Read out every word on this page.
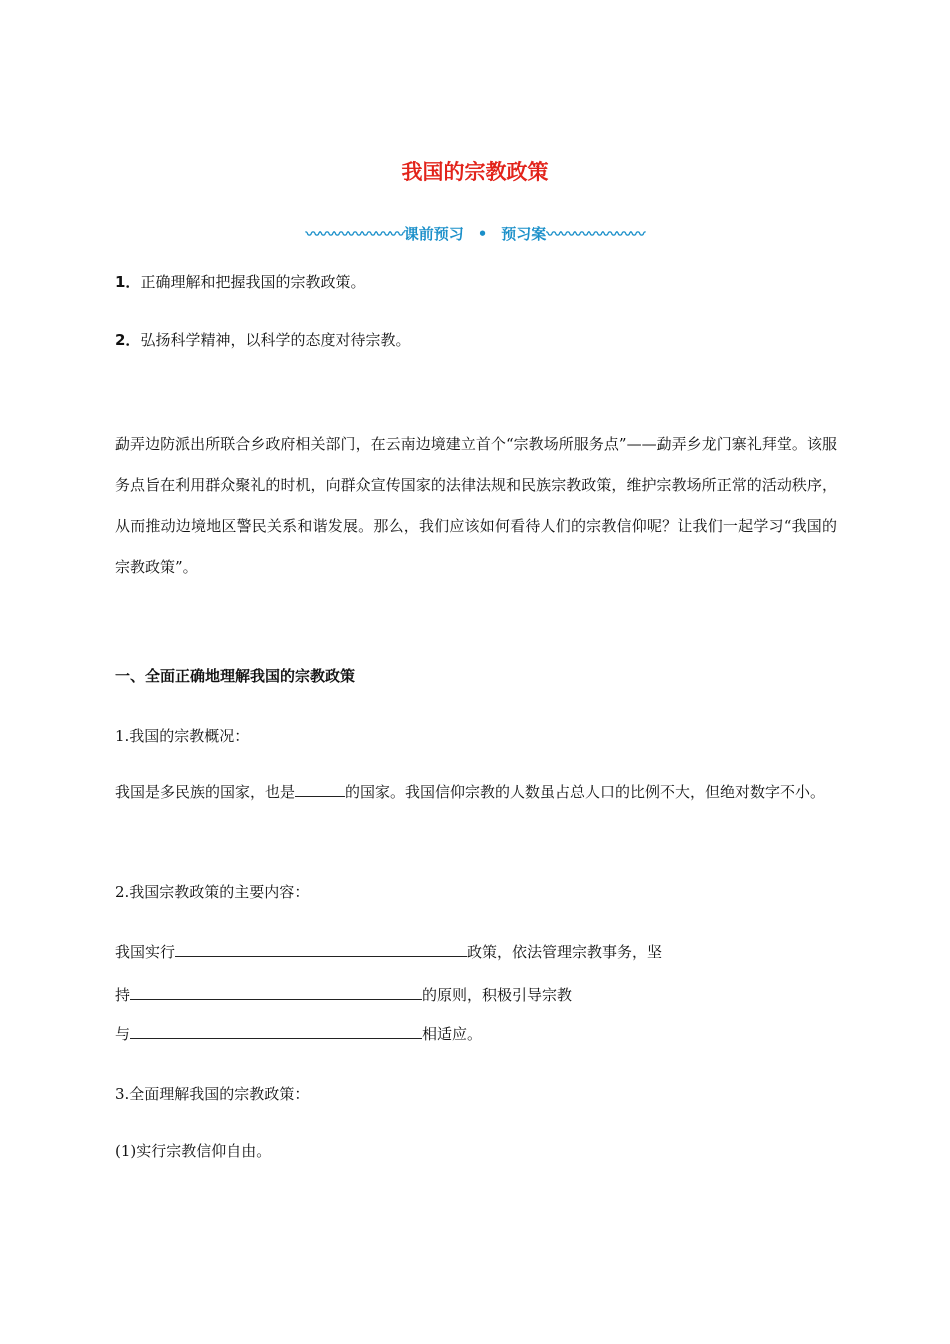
我国的宗教政策
〰〰〰〰〰〰〰课前预习 • 预习案〰〰〰〰〰〰〰
1．正确理解和把握我国的宗教政策。
2．弘扬科学精神，以科学的态度对待宗教。
勐弄边防派出所联合乡政府相关部门，在云南边境建立首个“宗教场所服务点”——勐弄乡龙门寨礼拜堂。该服务点旨在利用群众聚礼的时机，向群众宣传国家的法律法规和民族宗教政策，维护宗教场所正常的活动秩序，从而推动边境地区警民关系和谐发展。那么，我们应该如何看待人们的宗教信仰呢？让我们一起学习“我国的宗教政策”。
一、全面正确地理解我国的宗教政策
1.我国的宗教概况：
我国是多民族的国家，也是	的国家。我国信仰宗教的人数虽占总人口的比例不大，但绝对数字不小。
2.我国宗教政策的主要内容：
我国实行	政策，依法管理宗教事务，坚
持	的原则，积极引导宗教
与	相适应。
3.全面理解我国的宗教政策：
(1)实行宗教信仰自由。
